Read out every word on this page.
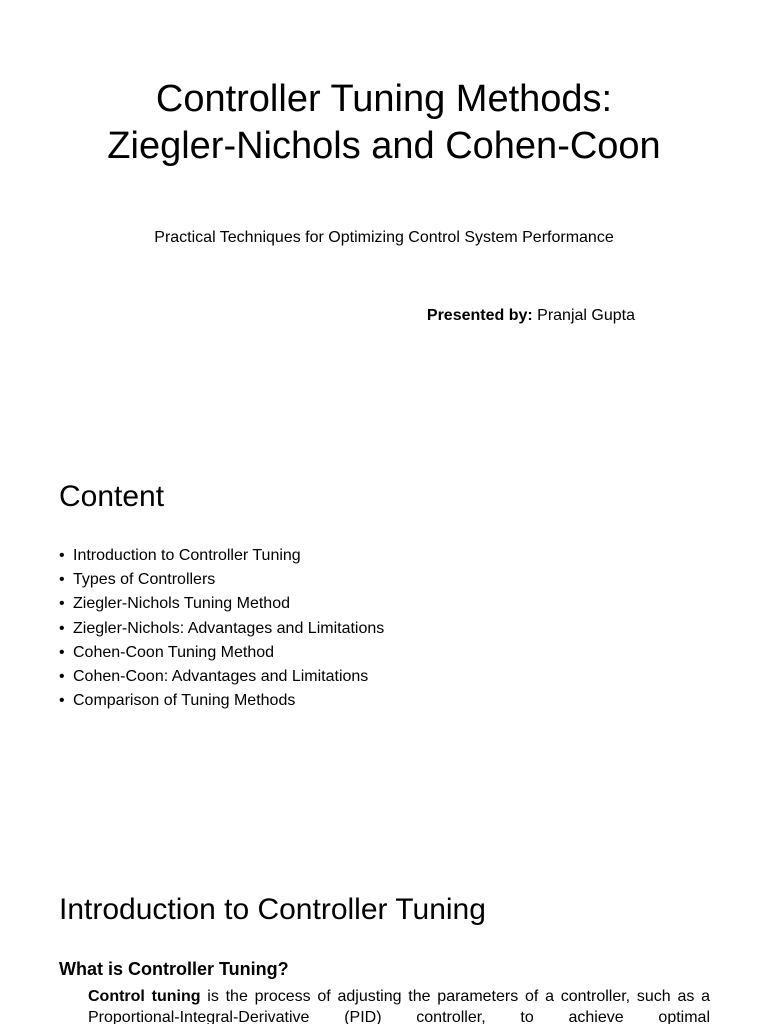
Controller Tuning Methods:
Ziegler-Nichols and Cohen-Coon

Practical Techniques for Optimizing Control System Performance

Presented by: Pranjal Gupta

Content
• Introduction to Controller Tuning
• Types of Controllers
• Ziegler-Nichols Tuning Method
• Ziegler-Nichols: Advantages and Limitations
• Cohen-Coon Tuning Method
• Cohen-Coon: Advantages and Limitations
• Comparison of Tuning Methods
Introduction to Controller Tuning
What is Controller Tuning?

Control tuning is the process of adjusting the parameters of a controller, such as a Proportional-Integral-Derivative (PID) controller, to achieve optimal
